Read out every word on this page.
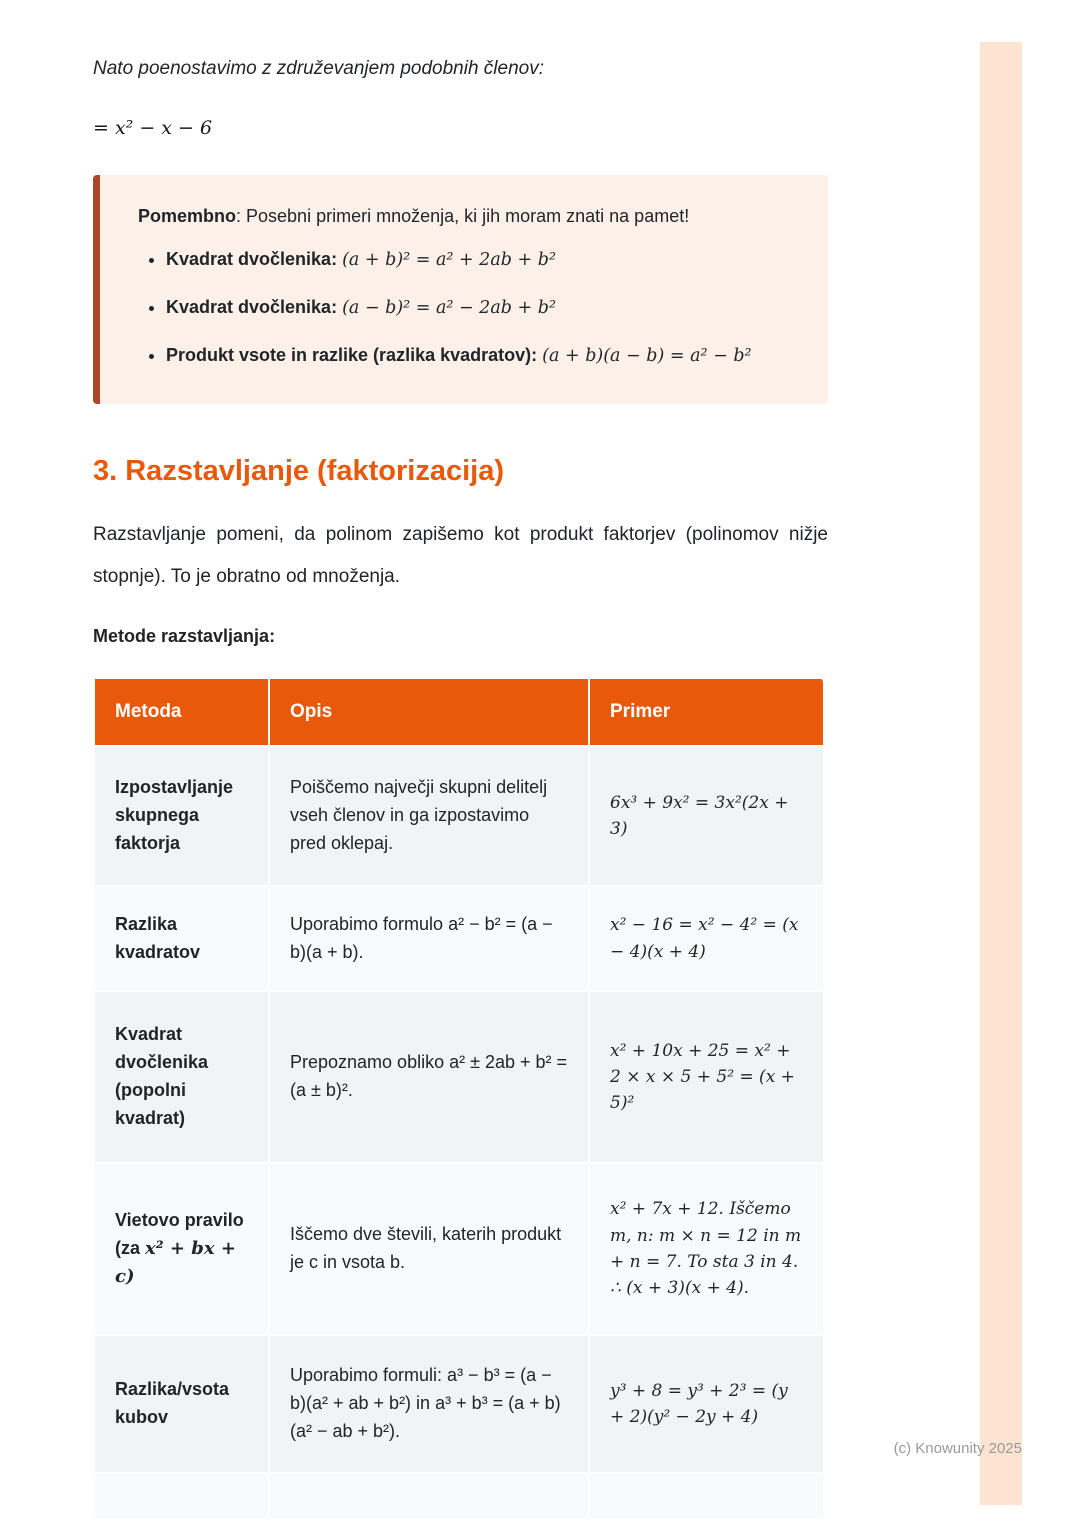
Nato poenostavimo z združevanjem podobnih členov:

= x² − x − 6

Pomembno: Posebni primeri množenja, ki jih moram znati na pamet!

• Kvadrat dvočlenika: (a + b)² = a² + 2ab + b²
• Kvadrat dvočlenika: (a − b)² = a² − 2ab + b²
• Produkt vsote in razlike (razlika kvadratov): (a + b)(a − b) = a² − b²
3. Razstavljanje (faktorizacija)

Razstavljanje pomeni, da polinom zapišemo kot produkt faktorjev (polinomov nižje stopnje). To je obratno od množenja.

Metode razstavljanja:

Metoda	Opis	Primer
Izpostavljanje skupnega faktorja	Poiščemo največji skupni delitelj vseh členov in ga izpostavimo pred oklepaj.	6x³ + 9x² = 3x²(2x + 3)
Razlika kvadratov	Uporabimo formulo a² − b² = (a − b)(a + b).	x² − 16 = x² − 4² = (x − 4)(x + 4)
Kvadrat dvočlenika (popolni kvadrat)	Prepoznamo obliko a² ± 2ab + b² = (a ± b)².	x² + 10x + 25 = x² + 2 × x × 5 + 5² = (x + 5)²
Vietovo pravilo (za x² + bx + c)	Iščemo dve števili, katerih produkt je c in vsota b.	x² + 7x + 12. Iščemo m, n: m × n = 12 in m + n = 7. To sta 3 in 4. ∴ (x + 3)(x + 4).
Razlika/vsota kubov	Uporabimo formuli: a³ − b³ = (a − b)(a² + ab + b²) in a³ + b³ = (a + b)(a² − ab + b²).	y³ + 8 = y³ + 2³ = (y + 2)(y² − 2y + 4)

(c) Knowunity 2025
